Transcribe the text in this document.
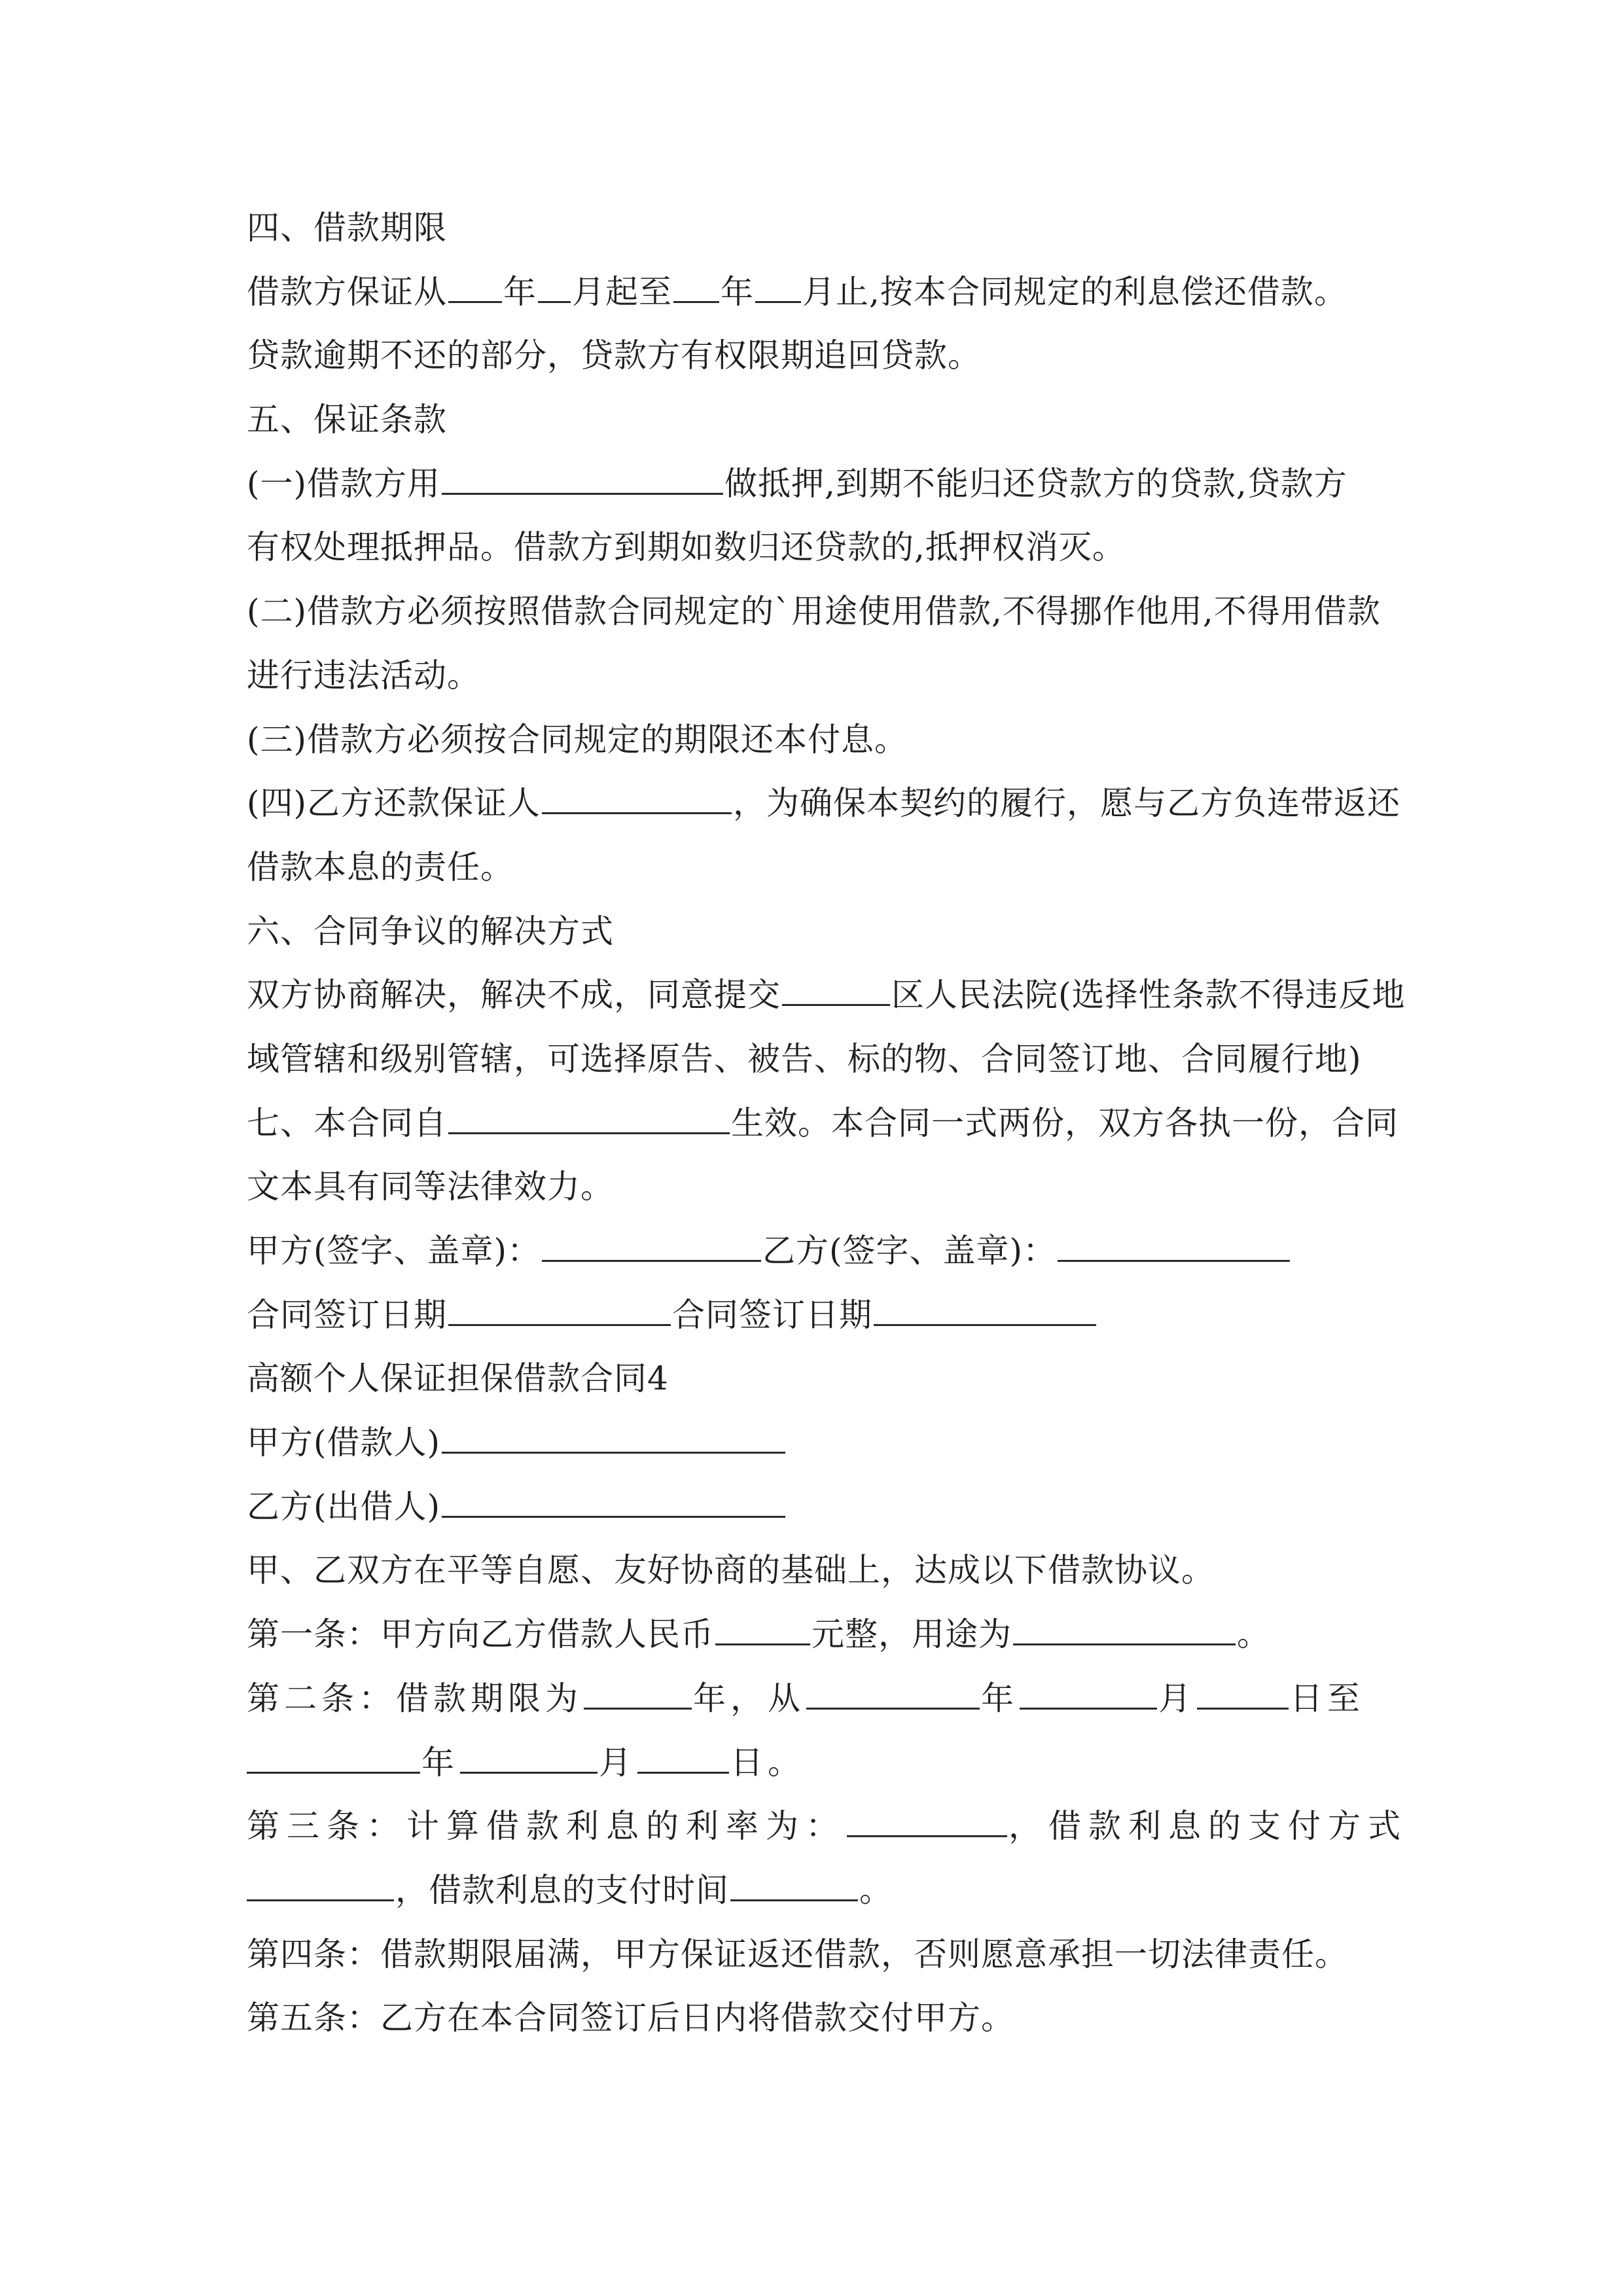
四、借款期限
借款方保证从 年 月起至 年 月止,按本合同规定的利息偿还借款。
贷款逾期不还的部分，贷款方有权限期追回贷款。
五、保证条款
(一)借款方用	做抵押,到期不能归还贷款方的贷款,贷款方
有权处理抵押品。借款方到期如数归还贷款的,抵押权消灭。
(二)借款方必须按照借款合同规定的`用途使用借款,不得挪作他用,不得用借款
进行违法活动。
(三)借款方必须按合同规定的期限还本付息。
(四)乙方还款保证人	，为确保本契约的履行，愿与乙方负连带返还
借款本息的责任。
六、合同争议的解决方式
双方协商解决，解决不成，同意提交	区人民法院(选择性条款不得违反地
域管辖和级别管辖，可选择原告、被告、标的物、合同签订地、合同履行地)
七、本合同自	生效。本合同一式两份，双方各执一份，合同
文本具有同等法律效力。
甲方(签字、盖章)：	乙方(签字、盖章)：
合同签订日期	合同签订日期
高额个人保证担保借款合同4
甲方(借款人)
乙方(出借人)
甲、乙双方在平等自愿、友好协商的基础上，达成以下借款协议。
第一条：甲方向乙方借款人民币	元整，用途为	。
第二条：借款期限为	年，从	年	月	日至
年	月	日。
第三条：计算借款利息的利率为：	，借款利息的支付方式
，借款利息的支付时间	。
第四条：借款期限届满，甲方保证返还借款，否则愿意承担一切法律责任。
第五条：乙方在本合同签订后日内将借款交付甲方。
